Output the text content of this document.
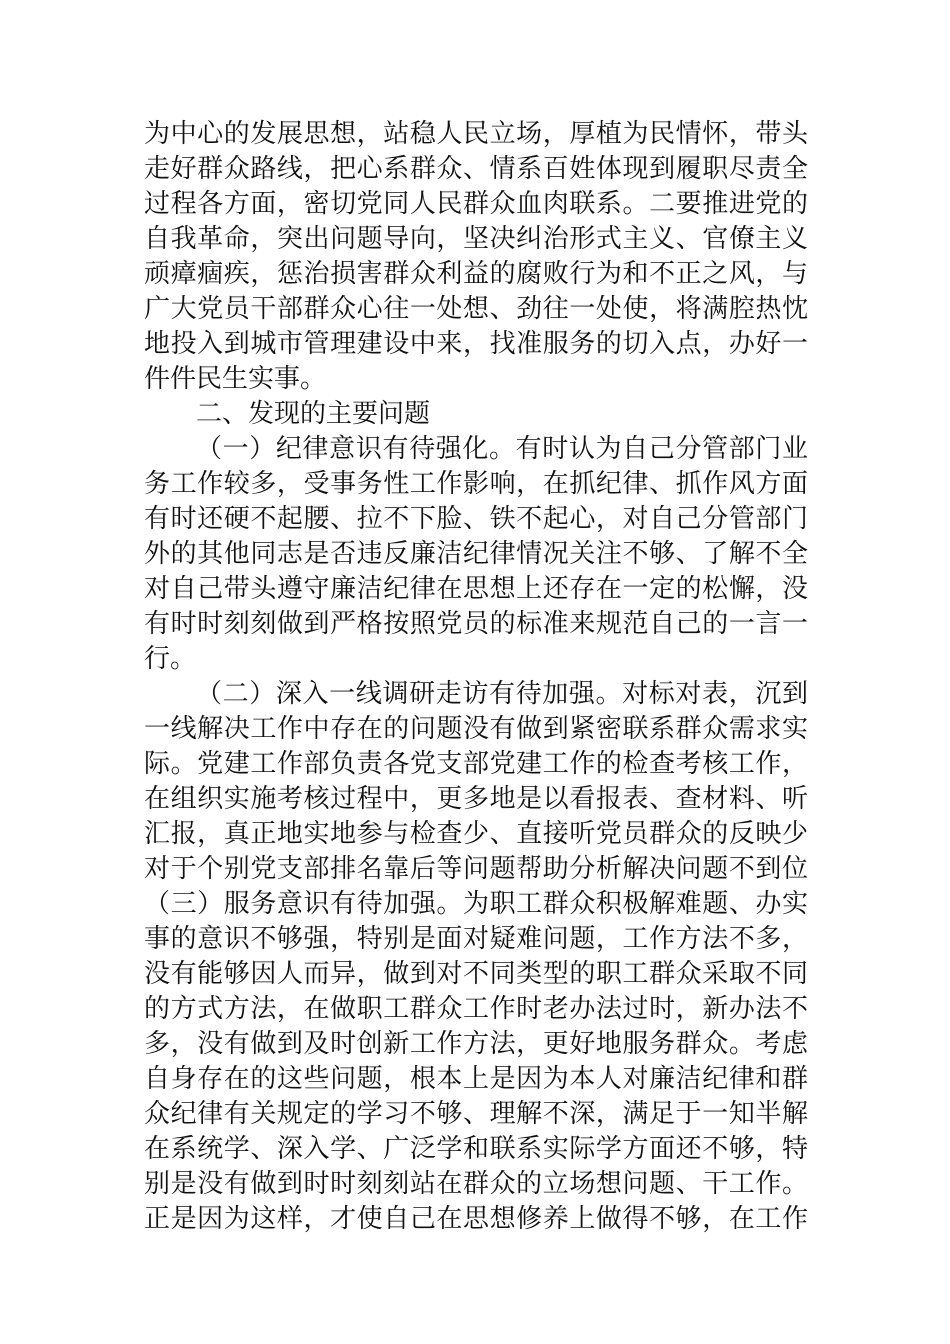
为中心的发展思想，站稳人民立场，厚植为民情怀，带头
走好群众路线，把心系群众、情系百姓体现到履职尽责全
过程各方面，密切党同人民群众血肉联系。二要推进党的
自我革命，突出问题导向，坚决纠治形式主义、官僚主义
顽瘴痼疾，惩治损害群众利益的腐败行为和不正之风，与
广大党员干部群众心往一处想、劲往一处使，将满腔热忱
地投入到城市管理建设中来，找准服务的切入点，办好一
件件民生实事。
二、发现的主要问题
（一）纪律意识有待强化。有时认为自己分管部门业
务工作较多，受事务性工作影响，在抓纪律、抓作风方面
有时还硬不起腰、拉不下脸、铁不起心，对自己分管部门
外的其他同志是否违反廉洁纪律情况关注不够、了解不全
对自己带头遵守廉洁纪律在思想上还存在一定的松懈，没
有时时刻刻做到严格按照党员的标准来规范自己的一言一
行。
（二）深入一线调研走访有待加强。对标对表，沉到
一线解决工作中存在的问题没有做到紧密联系群众需求实
际。党建工作部负责各党支部党建工作的检查考核工作，
在组织实施考核过程中，更多地是以看报表、查材料、听
汇报，真正地实地参与检查少、直接听党员群众的反映少
对于个别党支部排名靠后等问题帮助分析解决问题不到位
（三）服务意识有待加强。为职工群众积极解难题、办实
事的意识不够强，特别是面对疑难问题，工作方法不多，
没有能够因人而异，做到对不同类型的职工群众采取不同
的方式方法，在做职工群众工作时老办法过时，新办法不
多，没有做到及时创新工作方法，更好地服务群众。考虑
自身存在的这些问题，根本上是因为本人对廉洁纪律和群
众纪律有关规定的学习不够、理解不深，满足于一知半解
在系统学、深入学、广泛学和联系实际学方面还不够，特
别是没有做到时时刻刻站在群众的立场想问题、干工作。
正是因为这样，才使自己在思想修养上做得不够，在工作
